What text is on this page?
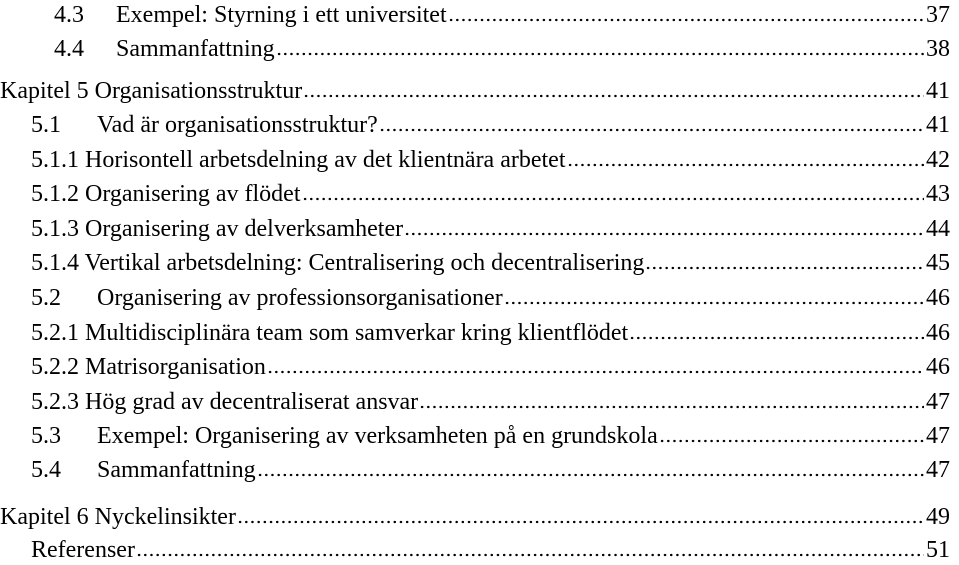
4.3 Exempel: Styrning i ett universitet	37
4.4 Sammanfattning	38
Kapitel 5 Organisationsstruktur	41
5.1 Vad är organisationsstruktur?	41
5.1.1 Horisontell arbetsdelning av det klientnära arbetet	42
5.1.2 Organisering av flödet	43
5.1.3 Organisering av delverksamheter	44
5.1.4 Vertikal arbetsdelning: Centralisering och decentralisering	45
5.2 Organisering av professionsorganisationer	46
5.2.1 Multidisciplinära team som samverkar kring klientflödet	46
5.2.2 Matrisorganisation	46
5.2.3 Hög grad av decentraliserat ansvar	47
5.3 Exempel: Organisering av verksamheten på en grundskola	47
5.4 Sammanfattning	47
Kapitel 6 Nyckelinsikter	49
Referenser	51
